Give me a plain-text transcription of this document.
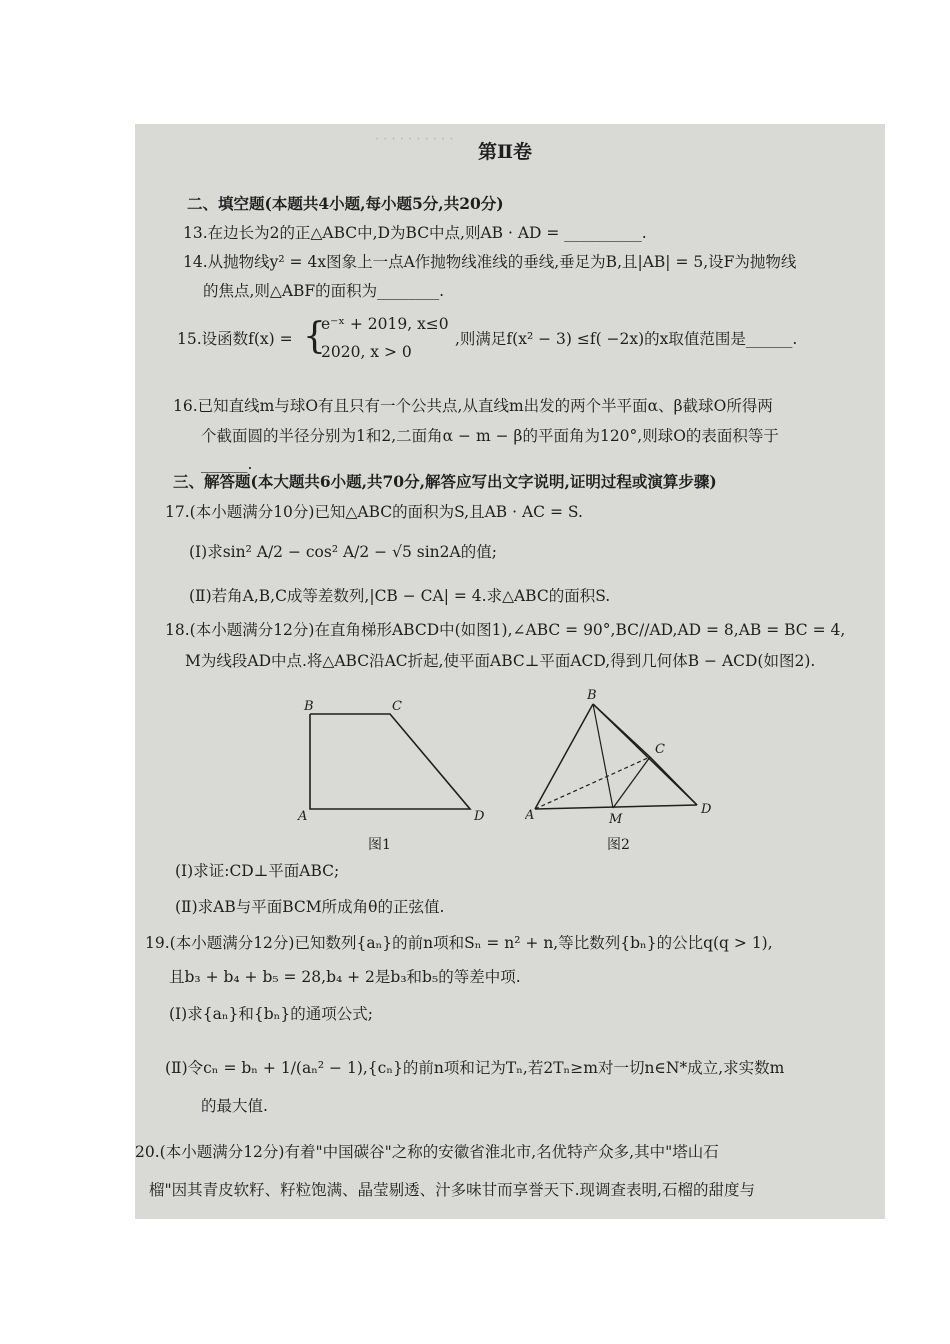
· · · · · · · · · ·
第Ⅱ卷
二、填空题(本题共4小题,每小题5分,共20分)
13.在边长为2的正△ABC中,D为BC中点,则AB · AD = __________.
14.从抛物线y² = 4x图象上一点A作抛物线准线的垂线,垂足为B,且|AB| = 5,设F为抛物线
的焦点,则△ABF的面积为________.
15.设函数f(x) = {
e⁻ˣ + 2019, x≤0
2020, x > 0
,则满足f(x² − 3) ≤f( −2x)的x取值范围是______.
16.已知直线m与球O有且只有一个公共点,从直线m出发的两个半平面α、β截球O所得两
个截面圆的半径分别为1和2,二面角α − m − β的平面角为120°,则球O的表面积等于
______.
三、解答题(本大题共6小题,共70分,解答应写出文字说明,证明过程或演算步骤)
17.(本小题满分10分)已知△ABC的面积为S,且AB · AC = S.
(Ⅰ)求sin² A/2 − cos² A/2 − √5 sin2A的值;
(Ⅱ)若角A,B,C成等差数列,|CB − CA| = 4.求△ABC的面积S.
18.(本小题满分12分)在直角梯形ABCD中(如图1),∠ABC = 90°,BC//AD,AD = 8,AB = BC = 4,
M为线段AD中点.将△ABC沿AC折起,使平面ABC⊥平面ACD,得到几何体B − ACD(如图2).
B	C
A	D
图1
B
C
A	M
D
图2
(Ⅰ)求证:CD⊥平面ABC;
(Ⅱ)求AB与平面BCM所成角θ的正弦值.
19.(本小题满分12分)已知数列{aₙ}的前n项和Sₙ = n² + n,等比数列{bₙ}的公比q(q > 1),
且b₃ + b₄ + b₅ = 28,b₄ + 2是b₃和b₅的等差中项.
(Ⅰ)求{aₙ}和{bₙ}的通项公式;
(Ⅱ)令cₙ = bₙ + 1/(aₙ² − 1),{cₙ}的前n项和记为Tₙ,若2Tₙ≥m对一切n∈N*成立,求实数m
的最大值.
20.(本小题满分12分)有着"中国碳谷"之称的安徽省淮北市,名优特产众多,其中"塔山石
榴"因其青皮软籽、籽粒饱满、晶莹剔透、汁多味甘而享誉天下.现调查表明,石榴的甜度与
